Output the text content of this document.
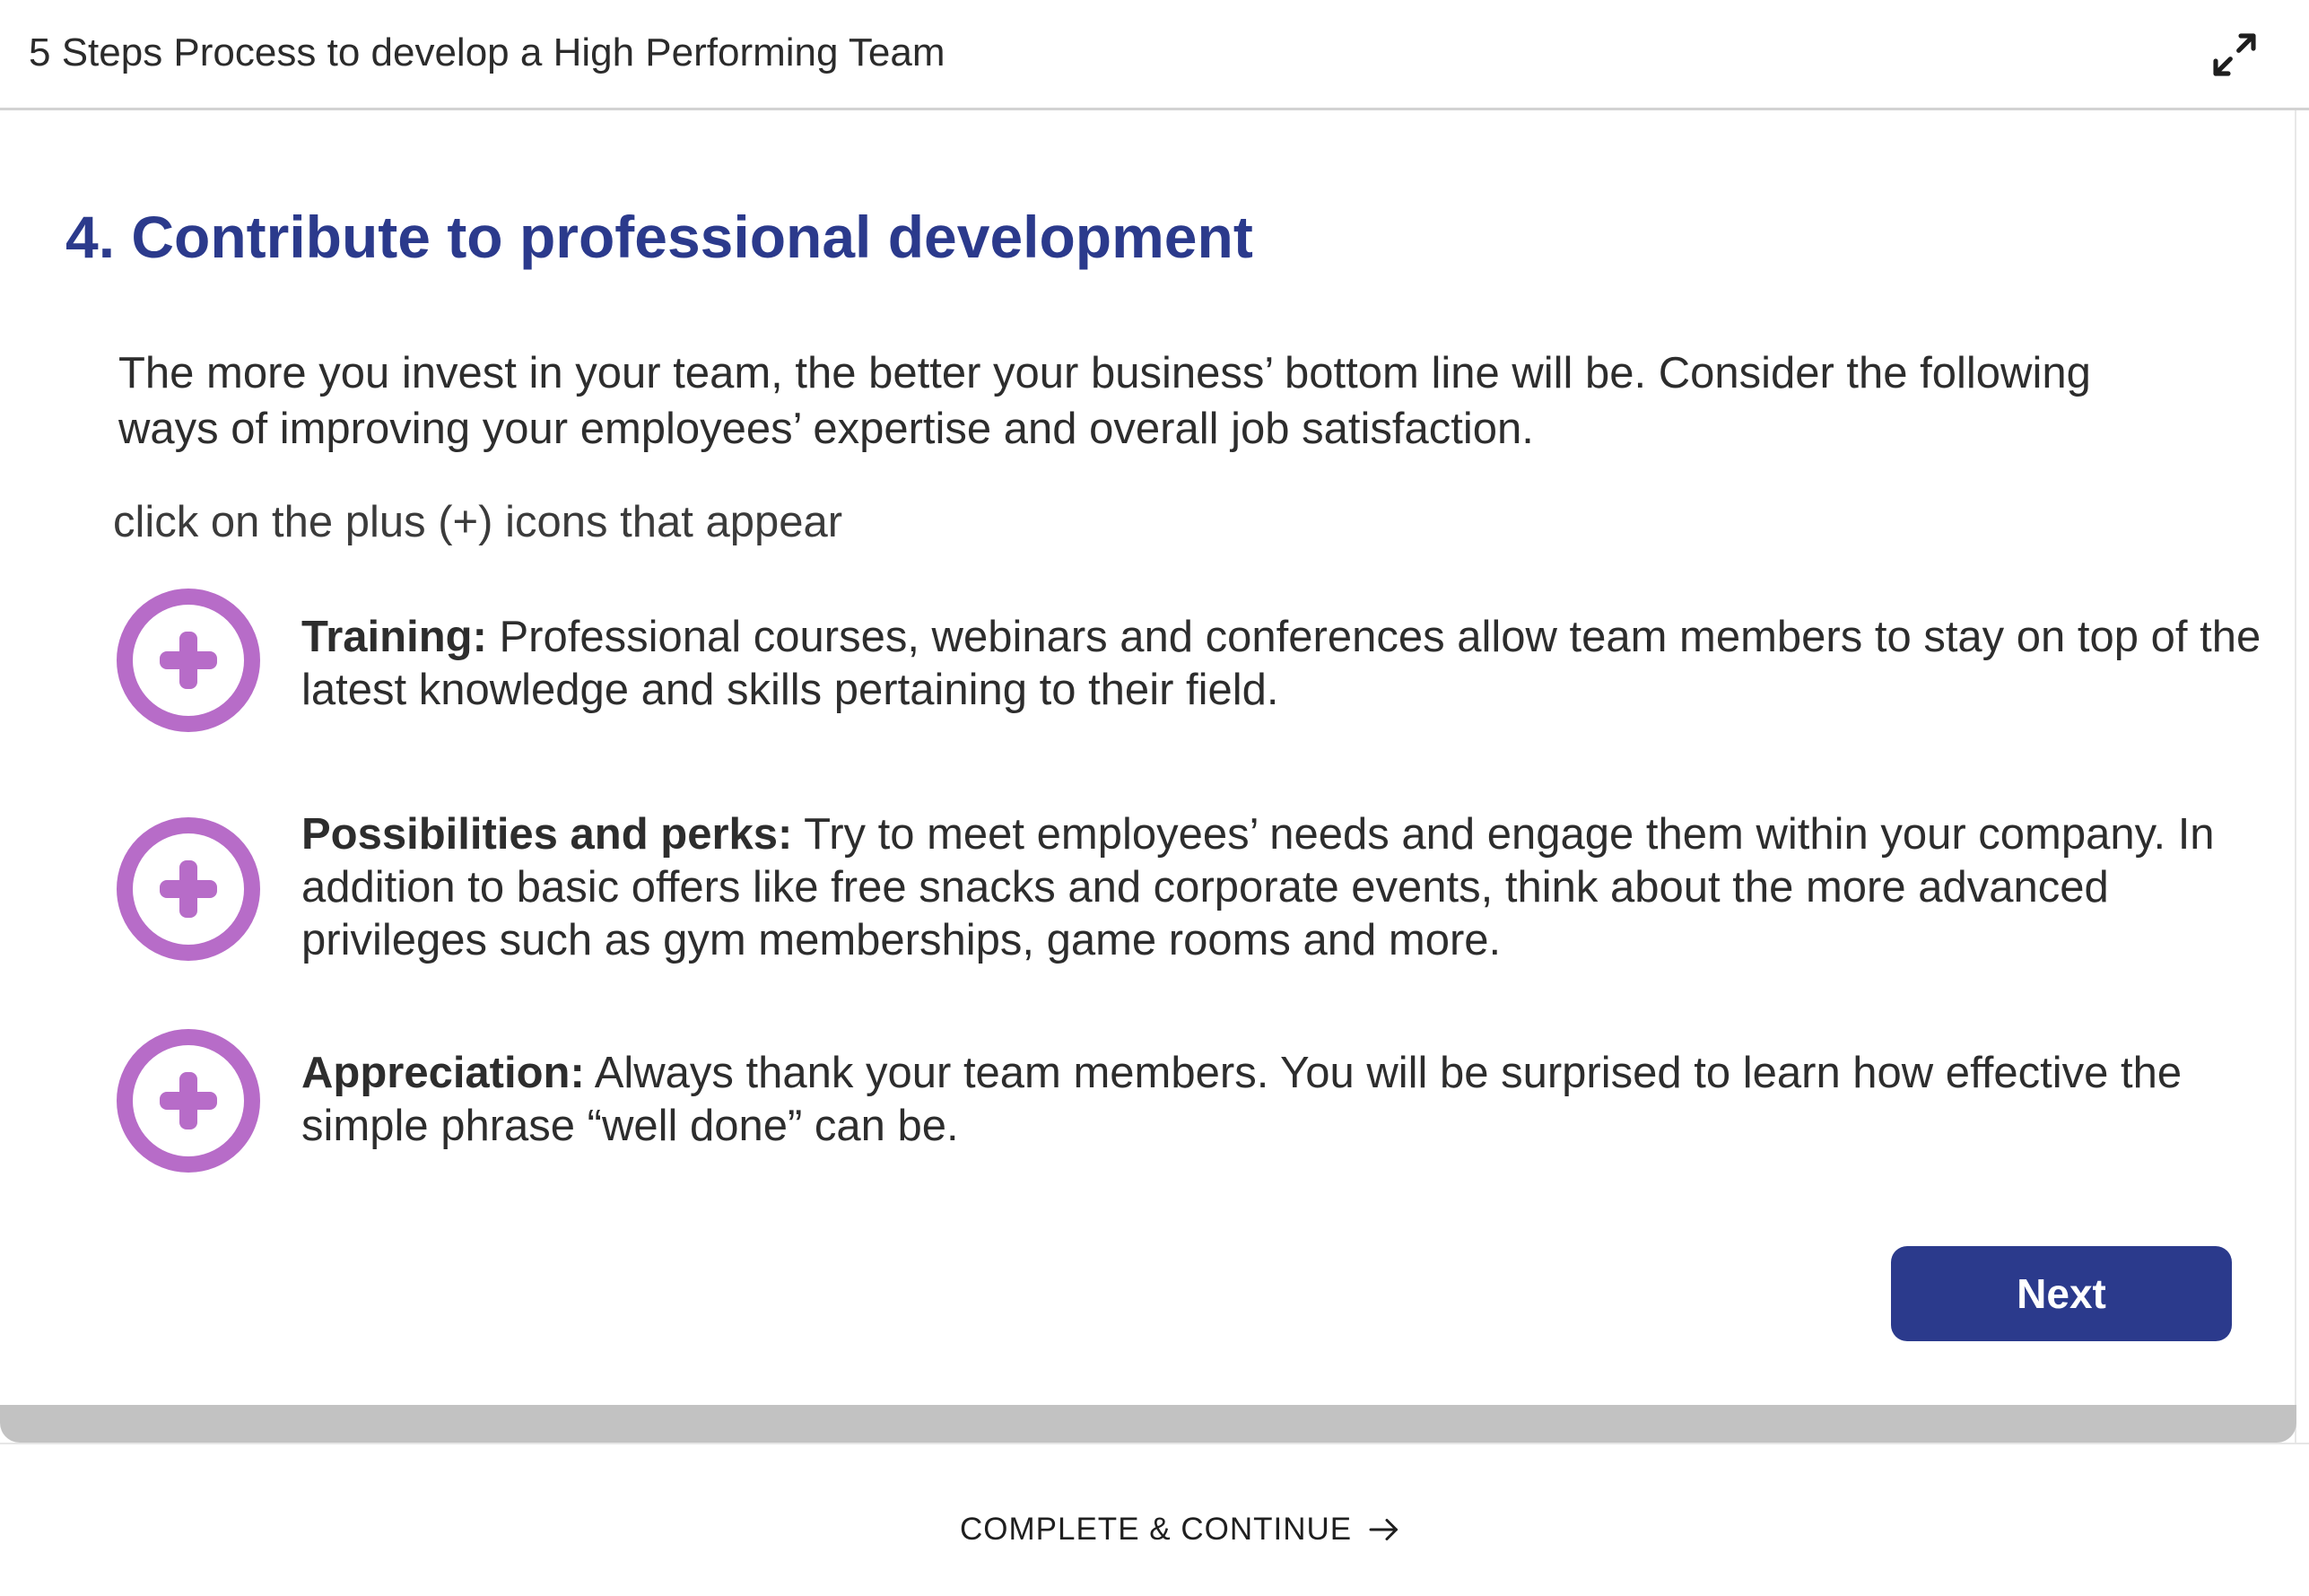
5 Steps Process to develop a High Performing Team
4. Contribute to professional development
The more you invest in your team, the better your business’ bottom line will be. Consider the following ways of improving your employees’ expertise and overall job satisfaction.
click on the plus (+) icons that appear
Training: Professional courses, webinars and conferences allow team members to stay on top of the latest knowledge and skills pertaining to their field.
Possibilities and perks: Try to meet employees’ needs and engage them within your company. In addition to basic offers like free snacks and corporate events, think about the more advanced privileges such as gym memberships, game rooms and more.
Appreciation: Always thank your team members. You will be surprised to learn how effective the simple phrase “well done” can be.
Next
COMPLETE & CONTINUE
